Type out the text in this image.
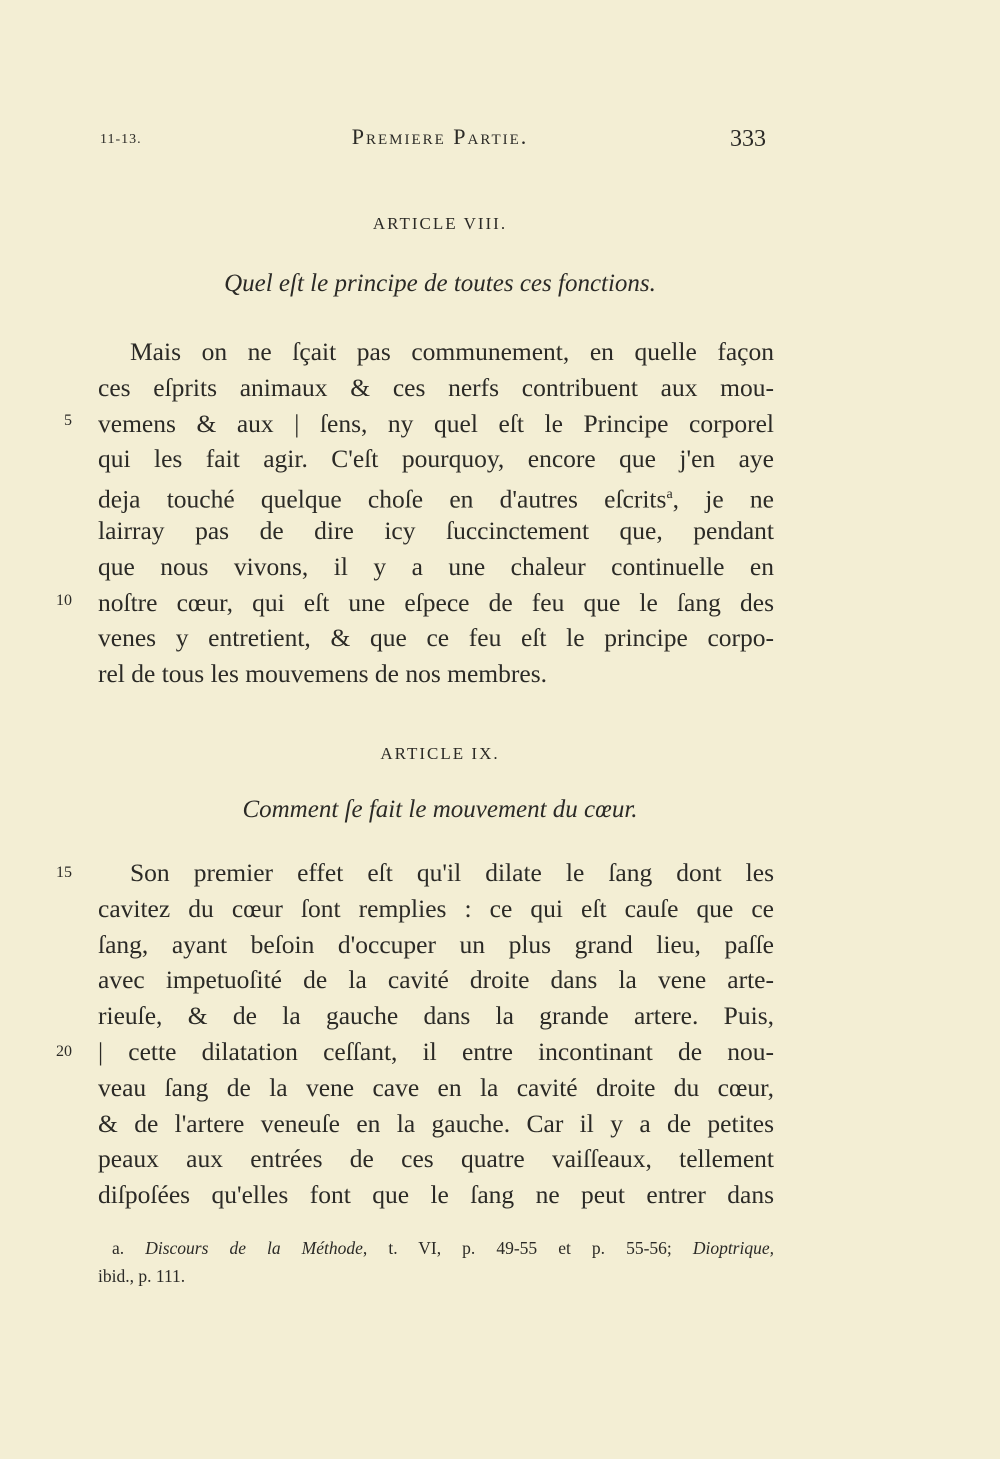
11-13.	Premiere Partie.	333
ARTICLE VIII.
Quel eſt le principe de toutes ces fonctions.
Mais on ne ſçait pas communement, en quelle façon
ces eſprits animaux & ces nerfs contribuent aux mou-
vemens & aux | ſens, ny quel eſt le Principe corporel
qui les fait agir. C'eſt pourquoy, encore que j'en aye
deja touché quelque choſe en d'autres eſcrits$^a$, je ne
lairray pas de dire icy ſuccinctement que, pendant
que nous vivons, il y a une chaleur continuelle en
noſtre cœur, qui eſt une eſpece de feu que le ſang des
venes y entretient, & que ce feu eſt le principe corpo-
rel de tous les mouvemens de nos membres.
5
10
ARTICLE IX.
Comment ſe fait le mouvement du cœur.
Son premier effet eſt qu'il dilate le ſang dont les
cavitez du cœur ſont remplies : ce qui eſt cauſe que ce
ſang, ayant beſoin d'occuper un plus grand lieu, paſſe
avec impetuoſité de la cavité droite dans la vene arte-
rieuſe, & de la gauche dans la grande artere. Puis,
| cette dilatation ceſſant, il entre incontinant de nou-
veau ſang de la vene cave en la cavité droite du cœur,
& de l'artere veneuſe en la gauche. Car il y a de petites
peaux aux entrées de ces quatre vaiſſeaux, tellement
diſpoſées qu'elles font que le ſang ne peut entrer dans
15
20
a. Discours de la Méthode, t. VI, p. 49-55 et p. 55-56; Dioptrique,
ibid., p. 111.
